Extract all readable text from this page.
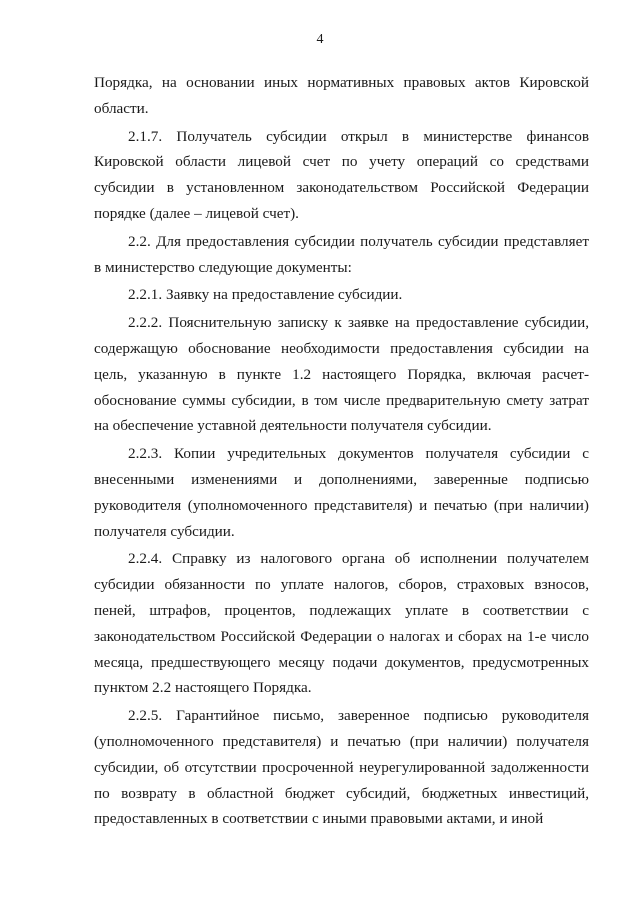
4

Порядка, на основании иных нормативных правовых актов Кировской области.

2.1.7. Получатель субсидии открыл в министерстве финансов Кировской области лицевой счет по учету операций со средствами субсидии в установленном законодательством Российской Федерации порядке (далее – лицевой счет).

2.2. Для предоставления субсидии получатель субсидии представляет в министерство следующие документы:

2.2.1. Заявку на предоставление субсидии.

2.2.2. Пояснительную записку к заявке на предоставление субсидии, содержащую обоснование необходимости предоставления субсидии на цель, указанную в пункте 1.2 настоящего Порядка, включая расчет-обоснование суммы субсидии, в том числе предварительную смету затрат на обеспечение уставной деятельности получателя субсидии.

2.2.3. Копии учредительных документов получателя субсидии с внесенными изменениями и дополнениями, заверенные подписью руководителя (уполномоченного представителя) и печатью (при наличии) получателя субсидии.

2.2.4. Справку из налогового органа об исполнении получателем субсидии обязанности по уплате налогов, сборов, страховых взносов, пеней, штрафов, процентов, подлежащих уплате в соответствии с законодательством Российской Федерации о налогах и сборах на 1-е число месяца, предшествующего месяцу подачи документов, предусмотренных пунктом 2.2 настоящего Порядка.

2.2.5. Гарантийное письмо, заверенное подписью руководителя (уполномоченного представителя) и печатью (при наличии) получателя субсидии, об отсутствии просроченной неурегулированной задолженности по возврату в областной бюджет субсидий, бюджетных инвестиций, предоставленных в соответствии с иными правовыми актами, и иной
